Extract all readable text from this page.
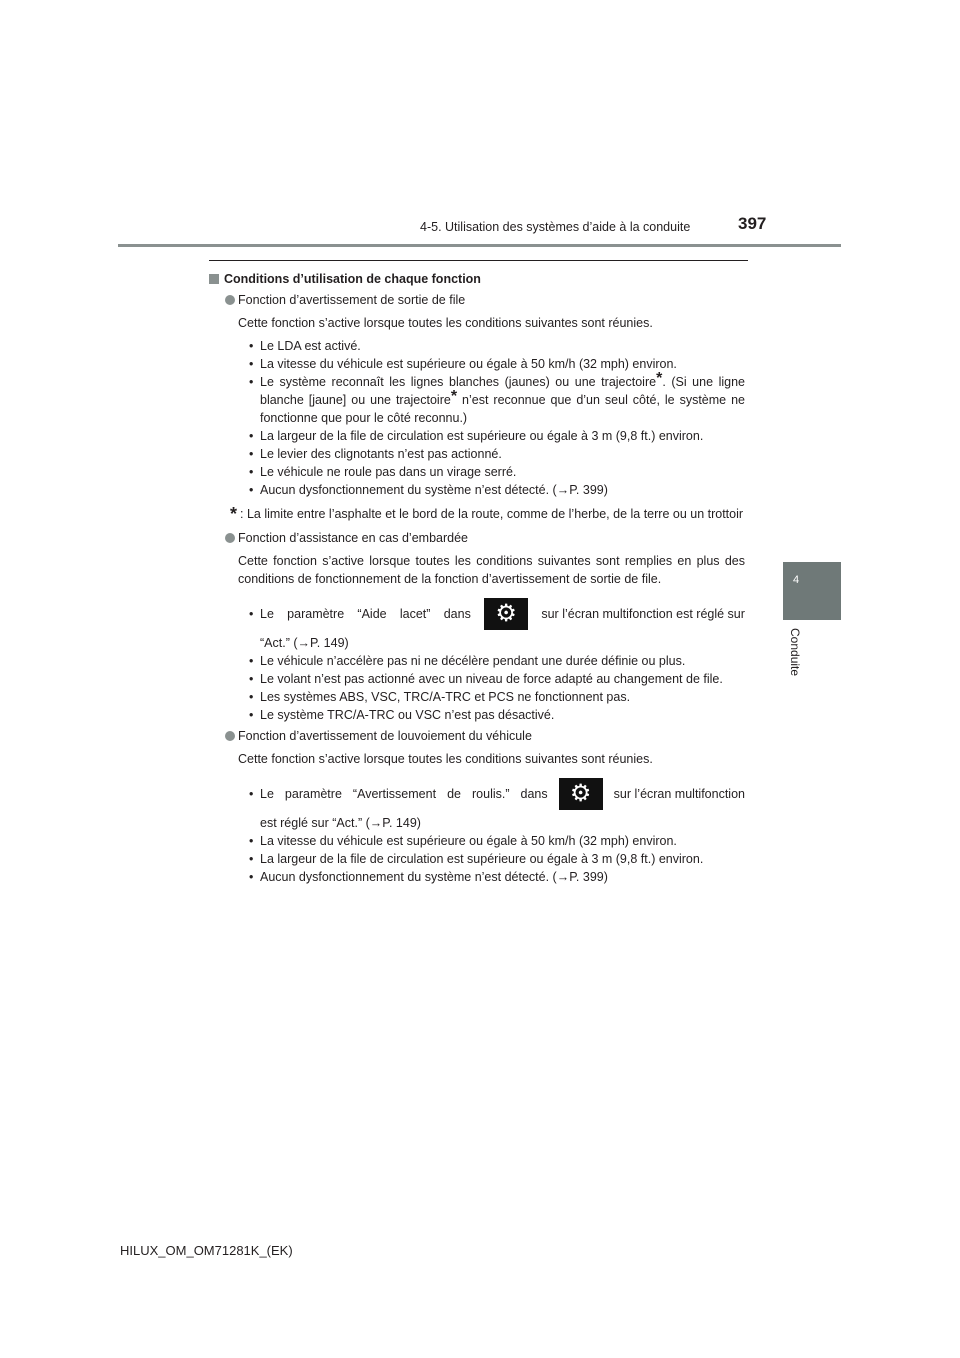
4-5. Utilisation des systèmes d’aide à la conduite	397
4
Conduite
Conditions d’utilisation de chaque fonction
Fonction d’avertissement de sortie de file
Cette fonction s’active lorsque toutes les conditions suivantes sont réunies.
• Le LDA est activé.
• La vitesse du véhicule est supérieure ou égale à 50 km/h (32 mph) environ.
• Le système reconnaît les lignes blanches (jaunes) ou une trajectoire*. (Si une ligne blanche [jaune] ou une trajectoire* n’est reconnue que d’un seul côté, le système ne fonctionne que pour le côté reconnu.)
• La largeur de la file de circulation est supérieure ou égale à 3 m (9,8 ft.) environ.
• Le levier des clignotants n’est pas actionné.
• Le véhicule ne roule pas dans un virage serré.
• Aucun dysfonctionnement du système n’est détecté. (→P. 399)
* : La limite entre l’asphalte et le bord de la route, comme de l’herbe, de la terre ou un trottoir
Fonction d’assistance en cas d’embardée
Cette fonction s’active lorsque toutes les conditions suivantes sont remplies en plus des conditions de fonctionnement de la fonction d’avertissement de sortie de file.
• Le paramètre “Aide lacet” dans	⚙	sur l’écran multifonction est réglé sur
“Act.” (→P. 149)
• Le véhicule n’accélère pas ni ne décélère pendant une durée définie ou plus.
• Le volant n’est pas actionné avec un niveau de force adapté au changement de file.
• Les systèmes ABS, VSC, TRC/A-TRC et PCS ne fonctionnent pas.
• Le système TRC/A-TRC ou VSC n’est pas désactivé.
Fonction d’avertissement de louvoiement du véhicule
Cette fonction s’active lorsque toutes les conditions suivantes sont réunies.
• Le paramètre “Avertissement de roulis.” dans ⚙	sur l’écran multifonction
est réglé sur “Act.” (→P. 149)
• La vitesse du véhicule est supérieure ou égale à 50 km/h (32 mph) environ.
• La largeur de la file de circulation est supérieure ou égale à 3 m (9,8 ft.) environ.
• Aucun dysfonctionnement du système n’est détecté. (→P. 399)
HILUX_OM_OM71281K_(EK)
